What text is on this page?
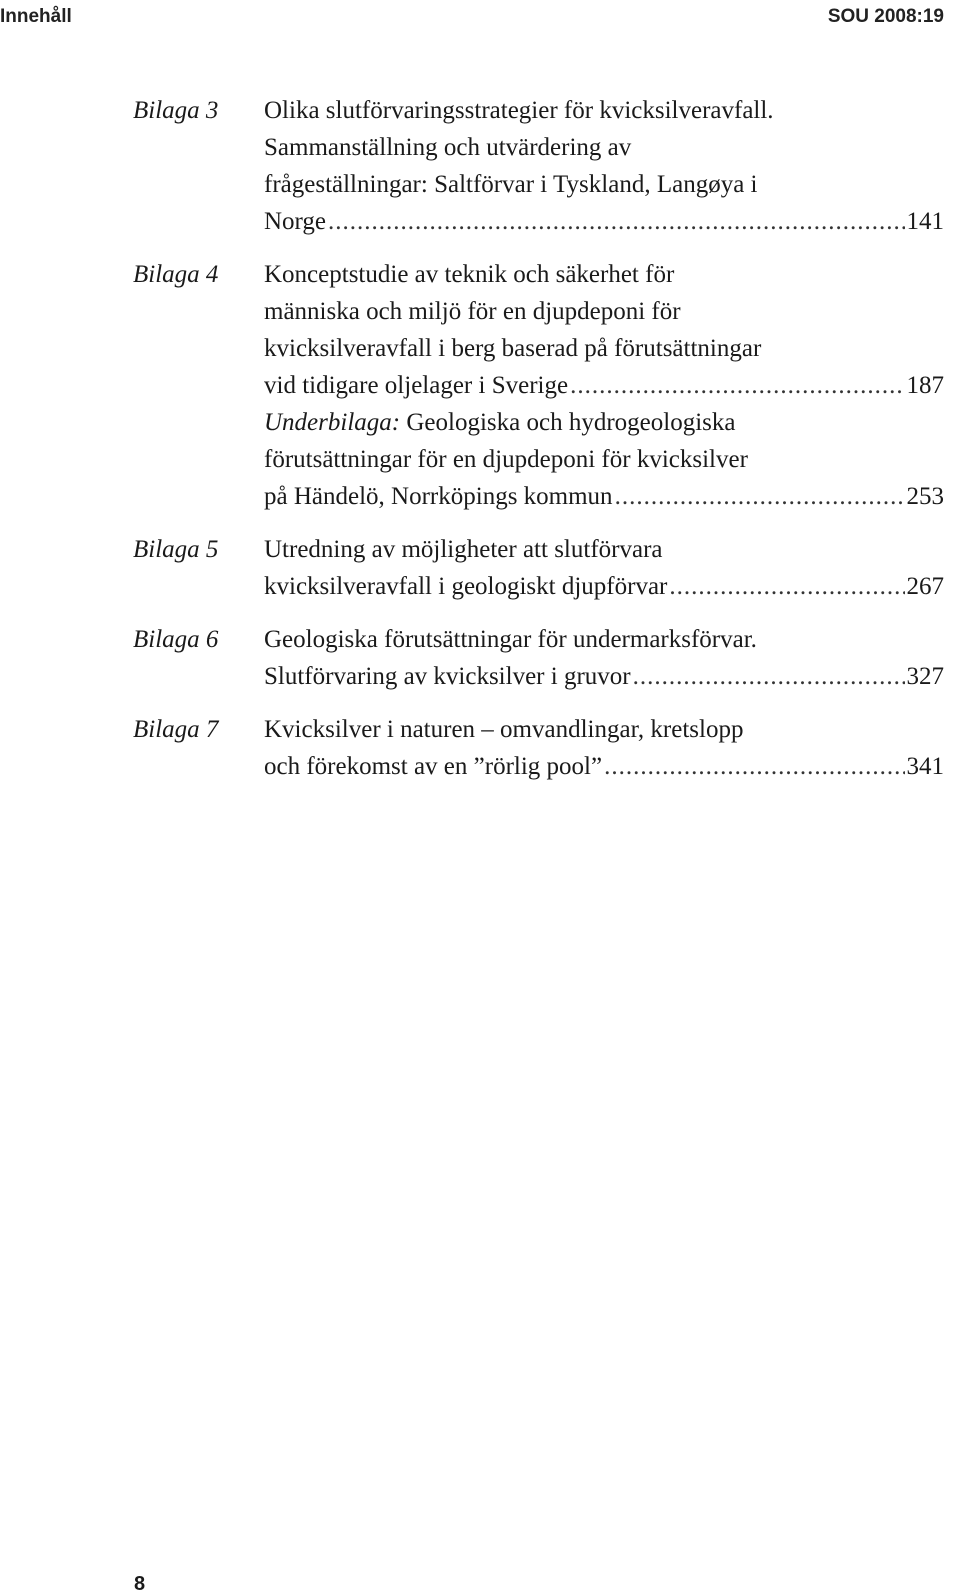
Innehåll	SOU 2008:19
Bilaga 3	Olika slutförvaringsstrategier för kvicksilveravfall.
Sammanställning och utvärdering av
frågeställningar: Saltförvar i Tyskland, Langøya i
Norge .....	141
Bilaga 4	Konceptstudie av teknik och säkerhet för
människa och miljö för en djupdeponi för
kvicksilveravfall i berg baserad på förutsättningar
vid tidigare oljelager i Sverige .....	187
Underbilaga: Geologiska och hydrogeologiska
förutsättningar för en djupdeponi för kvicksilver
på Händelö, Norrköpings kommun .....	253
Bilaga 5	Utredning av möjligheter att slutförvara
kvicksilveravfall i geologiskt djupförvar .....	267
Bilaga 6	Geologiska förutsättningar för undermarksförvar.
Slutförvaring av kvicksilver i gruvor .....	327
Bilaga 7	Kvicksilver i naturen – omvandlingar, kretslopp
och förekomst av en ”rörlig pool” .....	341
8
